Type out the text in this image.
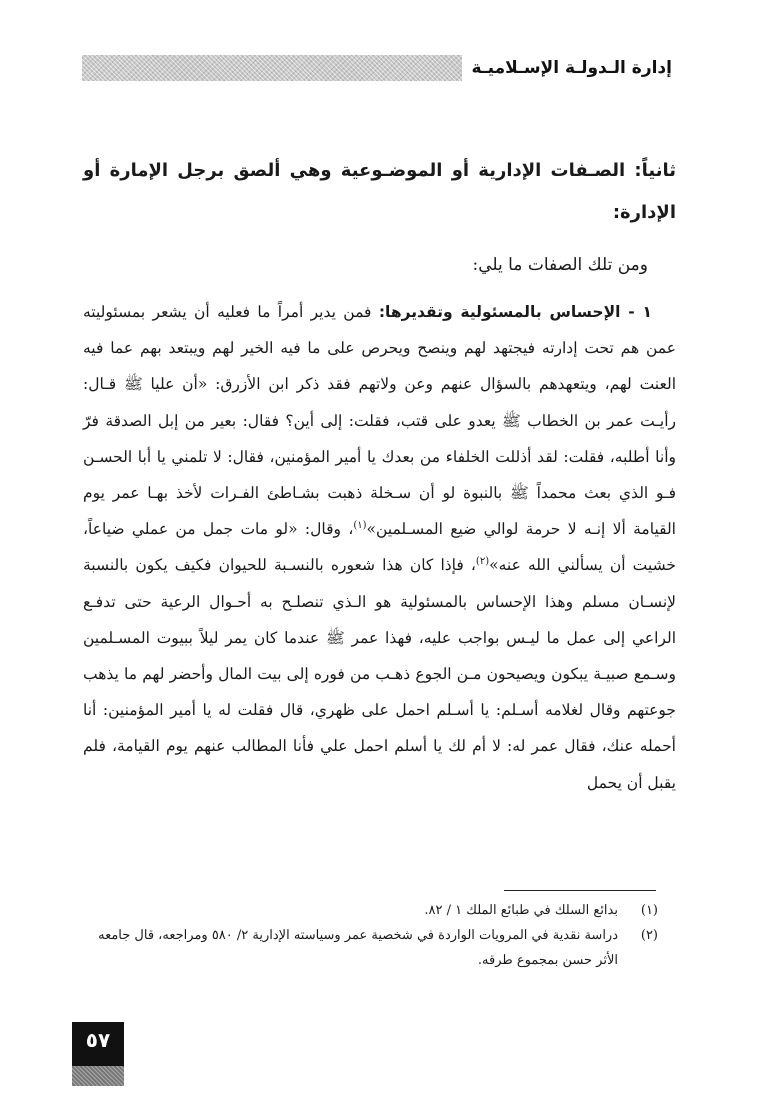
إدارة الـدولـة الإسـلاميـة

ثانياً: الصـفات الإدارية أو الموضـوعية وهي ألصق برجل الإمارة أو الإدارة:

ومن تلك الصفات ما يلي:

١ - الإحساس بالمسئولية وتقديرها: فمن يدير أمراً ما فعليه أن يشعر بمسئوليته عمن هم تحت إدارته فيجتهد لهم وينصح ويحرص على ما فيه الخير لهم ويبتعد بهم عما فيه العنت لهم، ويتعهدهم بالسؤال عنهم وعن ولاتهم فقد ذكر ابن الأزرق: «أن عليا ﷺ قـال: رأيـت عمر بن الخطاب ﷺ يعدو على قتب، فقلت: إلى أين؟ فقال: بعير من إبل الصدقة فرّ وأنا أطلبه، فقلت: لقد أذللت الخلفاء من بعدك يا أمير المؤمنين، فقال: لا تلمني يا أبا الحسـن فـو الذي بعث محمداً ﷺ بالنبوة لو أن سـخلة ذهبت بشـاطئ الفـرات لأخذ بهـا عمر يوم القيامة ألا إنـه لا حرمة لوالي ضيع المسـلمين»$^{(١)}$، وقال: «لو مات جمل من عملي ضياعاً، خشيت أن يسألني الله عنه»$^{(٢)}$، فإذا كان هذا شعوره بالنسـبة للحيوان فكيف يكون بالنسبة لإنسـان مسلم وهذا الإحساس بالمسئولية هو الـذي تنصلـح به أحـوال الرعية حتى تدفـع الراعي إلى عمل ما ليـس بواجب عليه، فهذا عمر ﷺ عندما كان يمر ليلاً ببيوت المسـلمين وسـمع صبيـة يبكون ويصيحون مـن الجوع ذهـب من فوره إلى بيت المال وأحضر لهم ما يذهب جوعتهم وقال لغلامه أسـلم: يا أسـلم احمل على ظهري، قال فقلت له يا أمير المؤمنين: أنا أحمله عنك، فقال عمر له: لا أم لك يا أسلم احمل علي فأنا المطالب عنهم يوم القيامة، فلم يقبل أن يحمل

(١)
بدائع السلك في طبائع الملك ١ / ٨٢.

(٢)
دراسة نقدية في المرويات الواردة في شخصية عمر وسياسته الإدارية ٢/ ٥٨٠ ومراجعه، قال جامعه الأثر حسن بمجموع طرقه.

٥٧
